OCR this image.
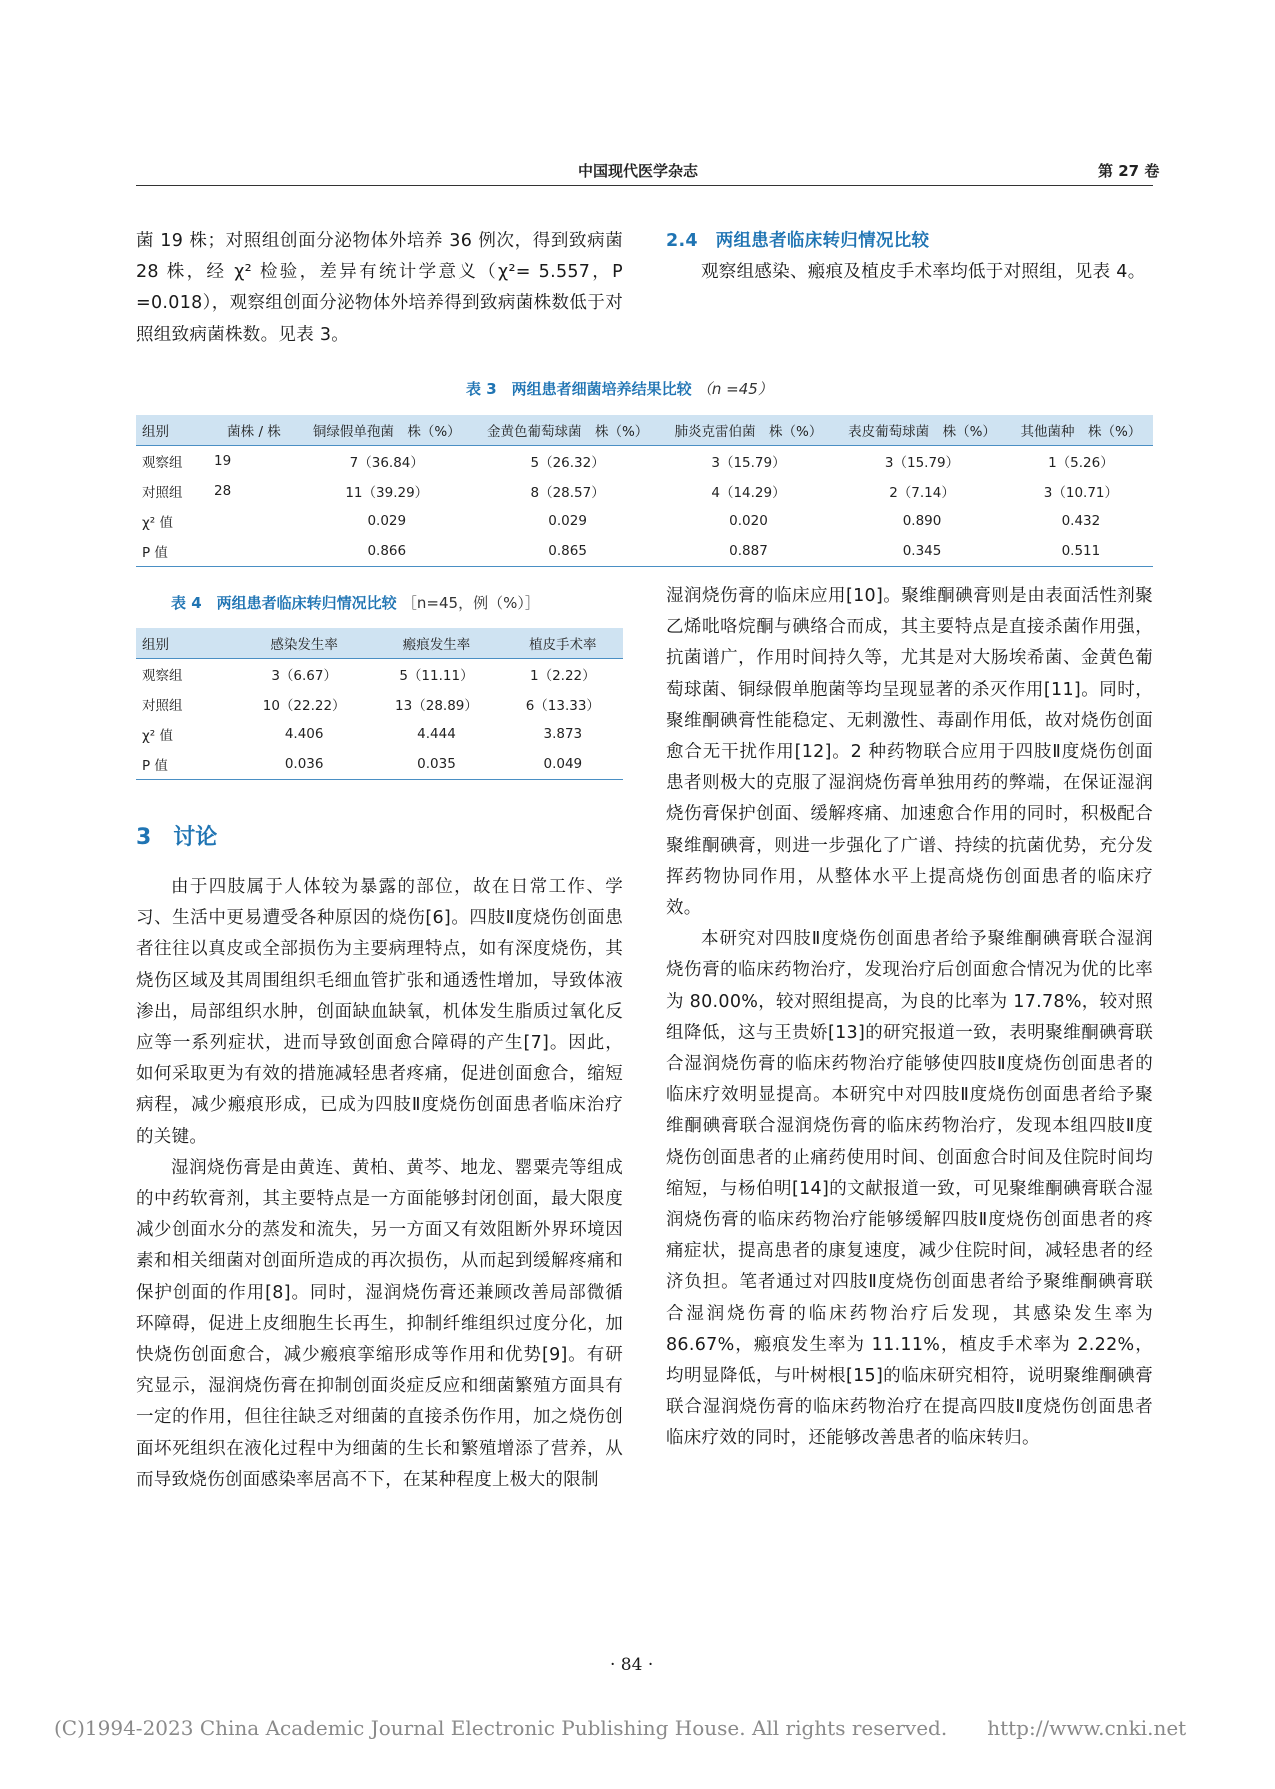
中国现代医学杂志	第 27 卷

菌 19 株；对照组创面分泌物体外培养 36 例次，得到致病菌 28 株，经 χ² 检验，差异有统计学意义（χ²= 5.557，P =0.018），观察组创面分泌物体外培养得到致病菌株数低于对照组致病菌株数。见表 3。

2.4　两组患者临床转归情况比较

观察组感染、瘢痕及植皮手术率均低于对照组，见表 4。

表 3　两组患者细菌培养结果比较 （n =45）
组别	菌株 / 株	铜绿假单孢菌　株（%）	金黄色葡萄球菌　株（%）	肺炎克雷伯菌　株（%）	表皮葡萄球菌　株（%）	其他菌种　株（%）
观察组	19	7（36.84）	5（26.32）	3（15.79）	3（15.79）	1（5.26）
对照组	28	11（39.29）	8（28.57）	4（14.29）	2（7.14）	3（10.71）
χ² 值		0.029	0.029	0.020	0.890	0.432
P 值		0.866	0.865	0.887	0.345	0.511
表 4　两组患者临床转归情况比较 ［n=45，例（%）］
组别	感染发生率	瘢痕发生率	植皮手术率
观察组	3（6.67）	5（11.11）	1（2.22）
对照组	10（22.22）	13（28.89）	6（13.33）
χ² 值	4.406	4.444	3.873
P 值	0.036	0.035	0.049
3　讨论

由于四肢属于人体较为暴露的部位，故在日常工作、学习、生活中更易遭受各种原因的烧伤[6]。四肢Ⅱ度烧伤创面患者往往以真皮或全部损伤为主要病理特点，如有深度烧伤，其烧伤区域及其周围组织毛细血管扩张和通透性增加，导致体液渗出，局部组织水肿，创面缺血缺氧，机体发生脂质过氧化反应等一系列症状，进而导致创面愈合障碍的产生[7]。因此，如何采取更为有效的措施减轻患者疼痛，促进创面愈合，缩短病程，减少瘢痕形成，已成为四肢Ⅱ度烧伤创面患者临床治疗的关键。

湿润烧伤膏是由黄连、黄柏、黄芩、地龙、罂粟壳等组成的中药软膏剂，其主要特点是一方面能够封闭创面，最大限度减少创面水分的蒸发和流失，另一方面又有效阻断外界环境因素和相关细菌对创面所造成的再次损伤，从而起到缓解疼痛和保护创面的作用[8]。同时，湿润烧伤膏还兼顾改善局部微循环障碍，促进上皮细胞生长再生，抑制纤维组织过度分化，加快烧伤创面愈合，减少瘢痕挛缩形成等作用和优势[9]。有研究显示，湿润烧伤膏在抑制创面炎症反应和细菌繁殖方面具有一定的作用，但往往缺乏对细菌的直接杀伤作用，加之烧伤创面坏死组织在液化过程中为细菌的生长和繁殖增添了营养，从而导致烧伤创面感染率居高不下，在某种程度上极大的限制

湿润烧伤膏的临床应用[10]。聚维酮碘膏则是由表面活性剂聚乙烯吡咯烷酮与碘络合而成，其主要特点是直接杀菌作用强，抗菌谱广，作用时间持久等，尤其是对大肠埃希菌、金黄色葡萄球菌、铜绿假单胞菌等均呈现显著的杀灭作用[11]。同时，聚维酮碘膏性能稳定、无刺激性、毒副作用低，故对烧伤创面愈合无干扰作用[12]。2 种药物联合应用于四肢Ⅱ度烧伤创面患者则极大的克服了湿润烧伤膏单独用药的弊端，在保证湿润烧伤膏保护创面、缓解疼痛、加速愈合作用的同时，积极配合聚维酮碘膏，则进一步强化了广谱、持续的抗菌优势，充分发挥药物协同作用，从整体水平上提高烧伤创面患者的临床疗效。

本研究对四肢Ⅱ度烧伤创面患者给予聚维酮碘膏联合湿润烧伤膏的临床药物治疗，发现治疗后创面愈合情况为优的比率为 80.00%，较对照组提高，为良的比率为 17.78%，较对照组降低，这与王贵娇[13]的研究报道一致，表明聚维酮碘膏联合湿润烧伤膏的临床药物治疗能够使四肢Ⅱ度烧伤创面患者的临床疗效明显提高。本研究中对四肢Ⅱ度烧伤创面患者给予聚维酮碘膏联合湿润烧伤膏的临床药物治疗，发现本组四肢Ⅱ度烧伤创面患者的止痛药使用时间、创面愈合时间及住院时间均缩短，与杨伯明[14]的文献报道一致，可见聚维酮碘膏联合湿润烧伤膏的临床药物治疗能够缓解四肢Ⅱ度烧伤创面患者的疼痛症状，提高患者的康复速度，减少住院时间，减轻患者的经济负担。笔者通过对四肢Ⅱ度烧伤创面患者给予聚维酮碘膏联合湿润烧伤膏的临床药物治疗后发现，其感染发生率为 86.67%，瘢痕发生率为 11.11%，植皮手术率为 2.22%，均明显降低，与叶树根[15]的临床研究相符，说明聚维酮碘膏联合湿润烧伤膏的临床药物治疗在提高四肢Ⅱ度烧伤创面患者临床疗效的同时，还能够改善患者的临床转归。

· 84 ·
(C)1994-2023 China Academic Journal Electronic Publishing House. All rights reserved.　　http://www.cnki.net
